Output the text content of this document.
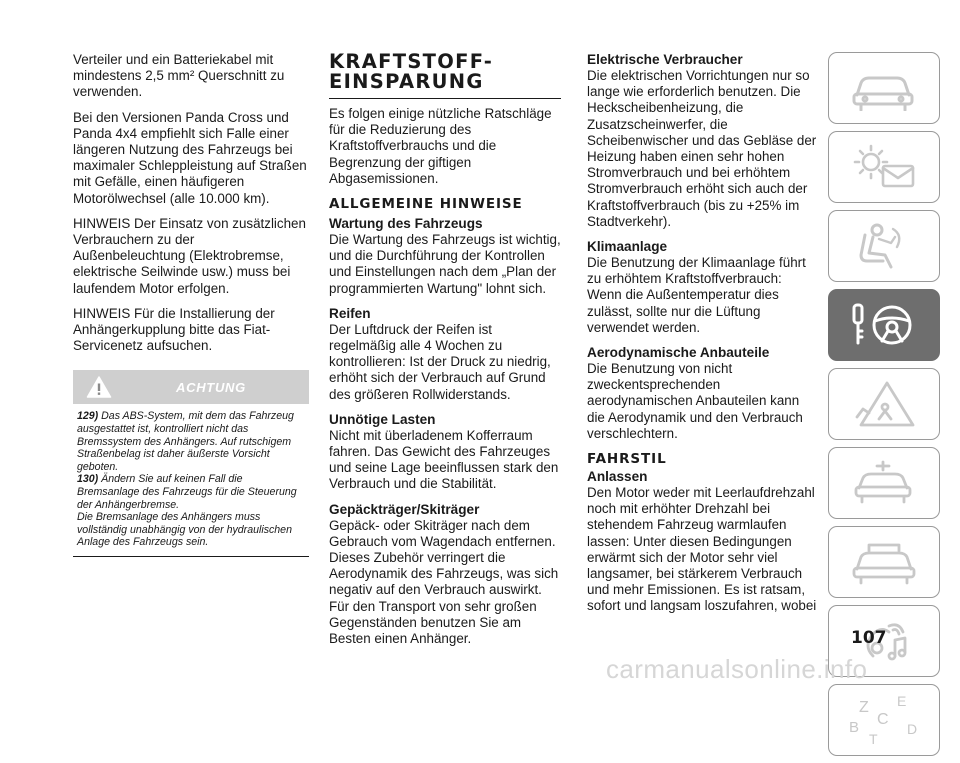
Verteiler und ein Batteriekabel mit mindestens 2,5 mm² Querschnitt zu verwenden.

Bei den Versionen Panda Cross und Panda 4x4 empfiehlt sich Falle einer längeren Nutzung des Fahrzeugs bei maximaler Schleppleistung auf Straßen mit Gefälle, einen häufigeren Motorölwechsel (alle 10.000 km).

HINWEIS Der Einsatz von zusätzlichen Verbrauchern zu der Außenbeleuchtung (Elektrobremse, elektrische Seilwinde usw.) muss bei laufendem Motor erfolgen.

HINWEIS Für die Installierung der Anhängerkupplung bitte das Fiat-Servicenetz aufsuchen.

ACHTUNG
129) Das ABS-System, mit dem das Fahrzeug ausgestattet ist, kontrolliert nicht das Bremssystem des Anhängers. Auf rutschigem Straßenbelag ist daher äußerste Vorsicht geboten.
130) Ändern Sie auf keinen Fall die Bremsanlage des Fahrzeugs für die Steuerung der Anhängerbremse.
Die Bremsanlage des Anhängers muss vollständig unabhängig von der hydraulischen Anlage des Fahrzeugs sein.
KRAFTSTOFF-EINSPARUNG

Es folgen einige nützliche Ratschläge für die Reduzierung des Kraftstoffverbrauchs und die Begrenzung der giftigen Abgasemissionen.

ALLGEMEINE HINWEISE
Wartung des Fahrzeugs

Die Wartung des Fahrzeugs ist wichtig, und die Durchführung der Kontrollen und Einstellungen nach dem „Plan der programmierten Wartung" lohnt sich.

Reifen

Der Luftdruck der Reifen ist regelmäßig alle 4 Wochen zu kontrollieren: Ist der Druck zu niedrig, erhöht sich der Verbrauch auf Grund des größeren Rollwiderstands.

Unnötige Lasten

Nicht mit überladenem Kofferraum fahren. Das Gewicht des Fahrzeuges und seine Lage beeinflussen stark den Verbrauch und die Stabilität.

Gepäckträger/Skiträger

Gepäck- oder Skiträger nach dem Gebrauch vom Wagendach entfernen. Dieses Zubehör verringert die Aerodynamik des Fahrzeugs, was sich negativ auf den Verbrauch auswirkt. Für den Transport von sehr großen Gegenständen benutzen Sie am Besten einen Anhänger.

Elektrische Verbraucher

Die elektrischen Vorrichtungen nur so lange wie erforderlich benutzen. Die Heckscheibenheizung, die Zusatzscheinwerfer, die Scheibenwischer und das Gebläse der Heizung haben einen sehr hohen Stromverbrauch und bei erhöhtem Stromverbrauch erhöht sich auch der Kraftstoffverbrauch (bis zu +25% im Stadtverkehr).

Klimaanlage

Die Benutzung der Klimaanlage führt zu erhöhtem Kraftstoffverbrauch: Wenn die Außentemperatur dies zulässt, sollte nur die Lüftung verwendet werden.

Aerodynamische Anbauteile

Die Benutzung von nicht zweckentsprechenden aerodynamischen Anbauteilen kann die Aerodynamik und den Verbrauch verschlechtern.

FAHRSTIL
Anlassen

Den Motor weder mit Leerlaufdrehzahl noch mit erhöhter Drehzahl bei stehendem Fahrzeug warmlaufen lassen: Unter diesen Bedingungen erwärmt sich der Motor sehr viel langsamer, bei stärkerem Verbrauch und mehr Emissionen. Es ist ratsam, sofort und langsam loszufahren, wobei

Z E
B C
T
D
107
carmanualsonline.info
